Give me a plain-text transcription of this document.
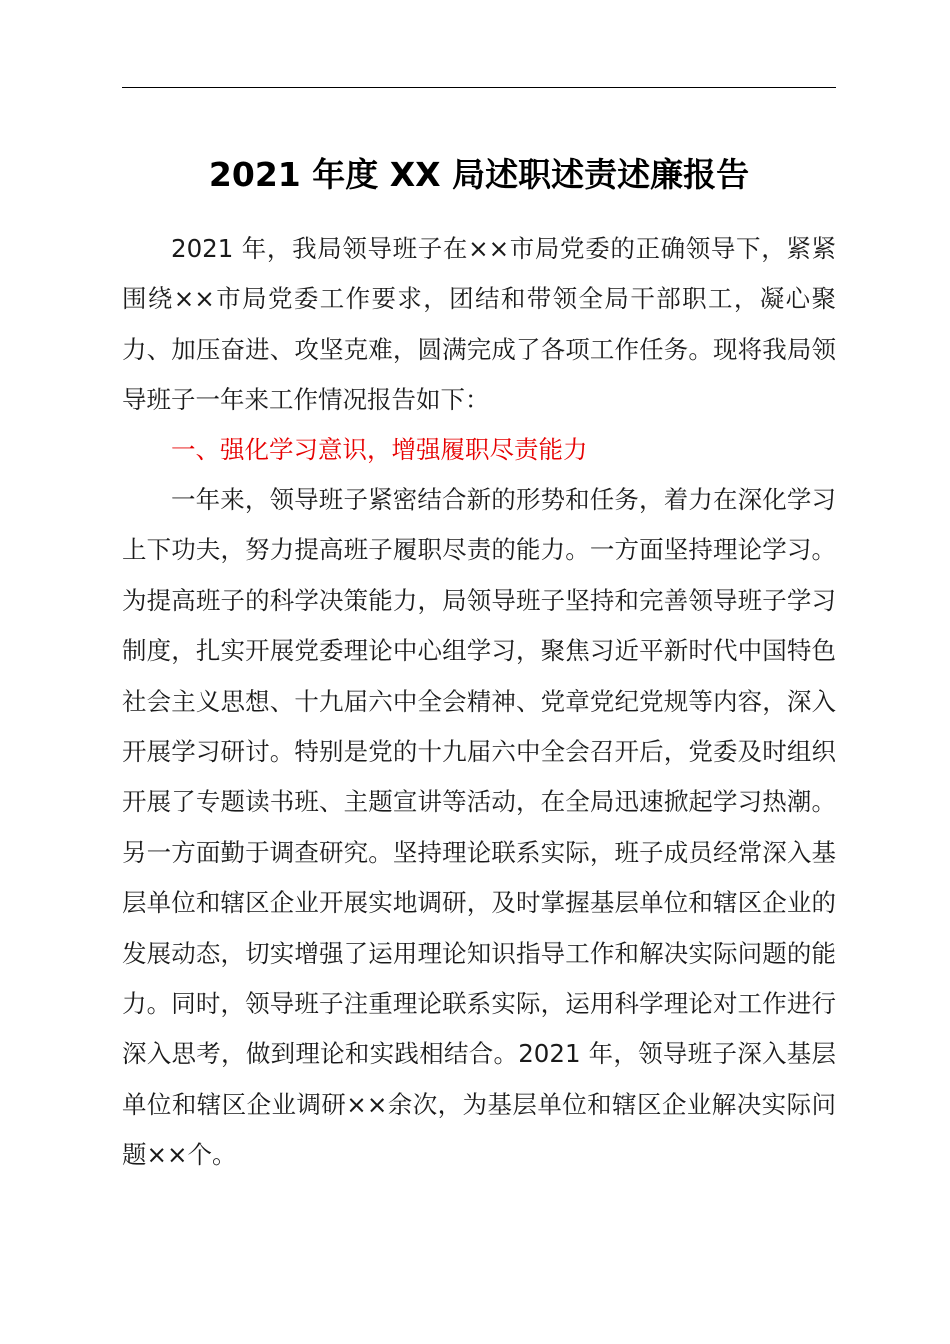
2021 年度 XX 局述职述责述廉报告

2021 年，我局领导班子在××市局党委的正确领导下，紧紧围绕××市局党委工作要求，团结和带领全局干部职工，凝心聚力、加压奋进、攻坚克难，圆满完成了各项工作任务。现将我局领导班子一年来工作情况报告如下：

一、强化学习意识，增强履职尽责能力

一年来，领导班子紧密结合新的形势和任务，着力在深化学习上下功夫，努力提高班子履职尽责的能力。一方面坚持理论学习。为提高班子的科学决策能力，局领导班子坚持和完善领导班子学习制度，扎实开展党委理论中心组学习，聚焦习近平新时代中国特色社会主义思想、十九届六中全会精神、党章党纪党规等内容，深入开展学习研讨。特别是党的十九届六中全会召开后，党委及时组织开展了专题读书班、主题宣讲等活动，在全局迅速掀起学习热潮。另一方面勤于调查研究。坚持理论联系实际，班子成员经常深入基层单位和辖区企业开展实地调研，及时掌握基层单位和辖区企业的发展动态，切实增强了运用理论知识指导工作和解决实际问题的能力。同时，领导班子注重理论联系实际，运用科学理论对工作进行深入思考，做到理论和实践相结合。2021 年，领导班子深入基层单位和辖区企业调研××余次，为基层单位和辖区企业解决实际问题××个。
